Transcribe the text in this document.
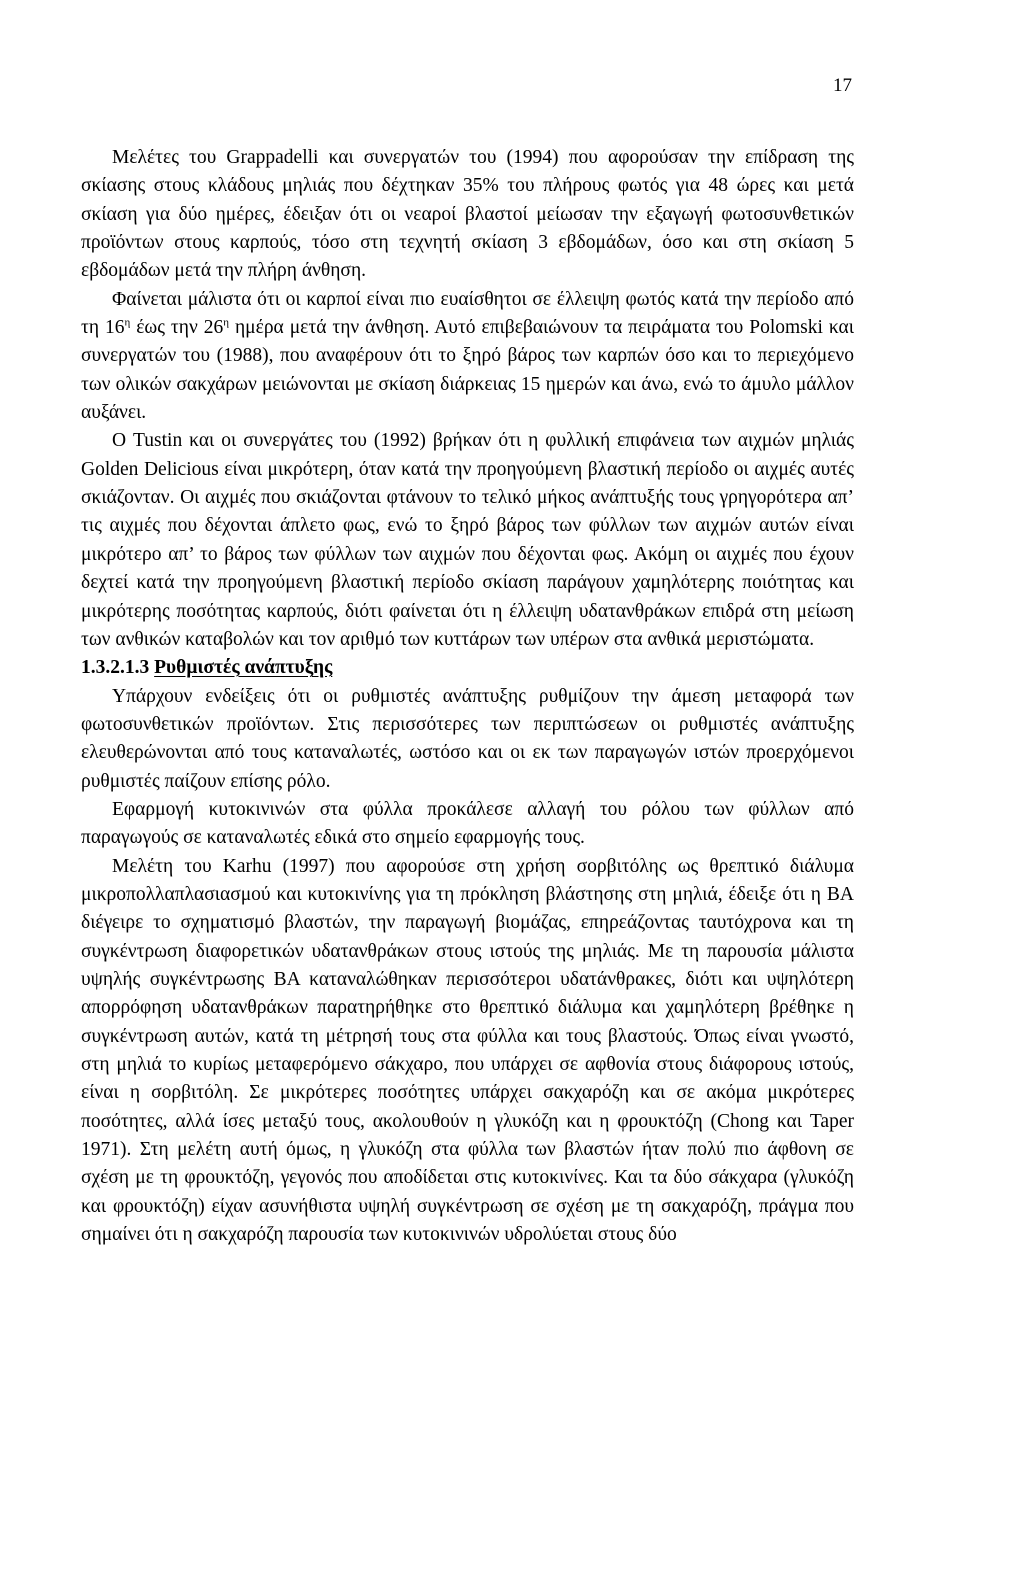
17

Μελέτες του Grappadelli και συνεργατών του (1994) που αφορούσαν την επίδραση της σκίασης στους κλάδους μηλιάς που δέχτηκαν 35% του πλήρους φωτός για 48 ώρες και μετά σκίαση για δύο ημέρες, έδειξαν ότι οι νεαροί βλαστοί μείωσαν την εξαγωγή φωτοσυνθετικών προϊόντων στους καρπούς, τόσο στη τεχνητή σκίαση 3 εβδομάδων, όσο και στη σκίαση 5 εβδομάδων μετά την πλήρη άνθηση.

Φαίνεται μάλιστα ότι οι καρποί είναι πιο ευαίσθητοι σε έλλειψη φωτός κατά την περίοδο από τη $16^\eta$ έως την $26^\eta$ ημέρα μετά την άνθηση. Αυτό επιβεβαιώνουν τα πειράματα του Polomski και συνεργατών του (1988), που αναφέρουν ότι το ξηρό βάρος των καρπών όσο και το περιεχόμενο των ολικών σακχάρων μειώνονται με σκίαση διάρκειας 15 ημερών και άνω, ενώ το άμυλο μάλλον αυξάνει.

Ο Tustin και οι συνεργάτες του (1992) βρήκαν ότι η φυλλική επιφάνεια των αιχμών μηλιάς Golden Delicious είναι μικρότερη, όταν κατά την προηγούμενη βλαστική περίοδο οι αιχμές αυτές σκιάζονταν. Οι αιχμές που σκιάζονται φτάνουν το τελικό μήκος ανάπτυξής τους γρηγορότερα απ’ τις αιχμές που δέχονται άπλετο φως, ενώ το ξηρό βάρος των φύλλων των αιχμών αυτών είναι μικρότερο απ’ το βάρος των φύλλων των αιχμών που δέχονται φως. Ακόμη οι αιχμές που έχουν δεχτεί κατά την προηγούμενη βλαστική περίοδο σκίαση παράγουν χαμηλότερης ποιότητας και μικρότερης ποσότητας καρπούς, διότι φαίνεται ότι η έλλειψη υδατανθράκων επιδρά στη μείωση των ανθικών καταβολών και τον αριθμό των κυττάρων των υπέρων στα ανθικά μεριστώματα.

1.3.2.1.3 Ρυθμιστές ανάπτυξης

Υπάρχουν ενδείξεις ότι οι ρυθμιστές ανάπτυξης ρυθμίζουν την άμεση μεταφορά των φωτοσυνθετικών προϊόντων. Στις περισσότερες των περιπτώσεων οι ρυθμιστές ανάπτυξης ελευθερώνονται από τους καταναλωτές, ωστόσο και οι εκ των παραγωγών ιστών προερχόμενοι ρυθμιστές παίζουν επίσης ρόλο.

Εφαρμογή κυτοκινινών στα φύλλα προκάλεσε αλλαγή του ρόλου των φύλλων από παραγωγούς σε καταναλωτές εδικά στο σημείο εφαρμογής τους.

Μελέτη του Karhu (1997) που αφορούσε στη χρήση σορβιτόλης ως θρεπτικό διάλυμα μικροπολλαπλασιασμού και κυτοκινίνης για τη πρόκληση βλάστησης στη μηλιά, έδειξε ότι η BA διέγειρε το σχηματισμό βλαστών, την παραγωγή βιομάζας, επηρεάζοντας ταυτόχρονα και τη συγκέντρωση διαφορετικών υδατανθράκων στους ιστούς της μηλιάς. Με τη παρουσία μάλιστα υψηλής συγκέντρωσης BA καταναλώθηκαν περισσότεροι υδατάνθρακες, διότι και υψηλότερη απορρόφηση υδατανθράκων παρατηρήθηκε στο θρεπτικό διάλυμα και χαμηλότερη βρέθηκε η συγκέντρωση αυτών, κατά τη μέτρησή τους στα φύλλα και τους βλαστούς. Όπως είναι γνωστό, στη μηλιά το κυρίως μεταφερόμενο σάκχαρο, που υπάρχει σε αφθονία στους διάφορους ιστούς, είναι η σορβιτόλη. Σε μικρότερες ποσότητες υπάρχει σακχαρόζη και σε ακόμα μικρότερες ποσότητες, αλλά ίσες μεταξύ τους, ακολουθούν η γλυκόζη και η φρουκτόζη (Chong και Taper 1971). Στη μελέτη αυτή όμως, η γλυκόζη στα φύλλα των βλαστών ήταν πολύ πιο άφθονη σε σχέση με τη φρουκτόζη, γεγονός που αποδίδεται στις κυτοκινίνες. Και τα δύο σάκχαρα (γλυκόζη και φρουκτόζη) είχαν ασυνήθιστα υψηλή συγκέντρωση σε σχέση με τη σακχαρόζη, πράγμα που σημαίνει ότι η σακχαρόζη παρουσία των κυτοκινινών υδρολύεται στους δύο
